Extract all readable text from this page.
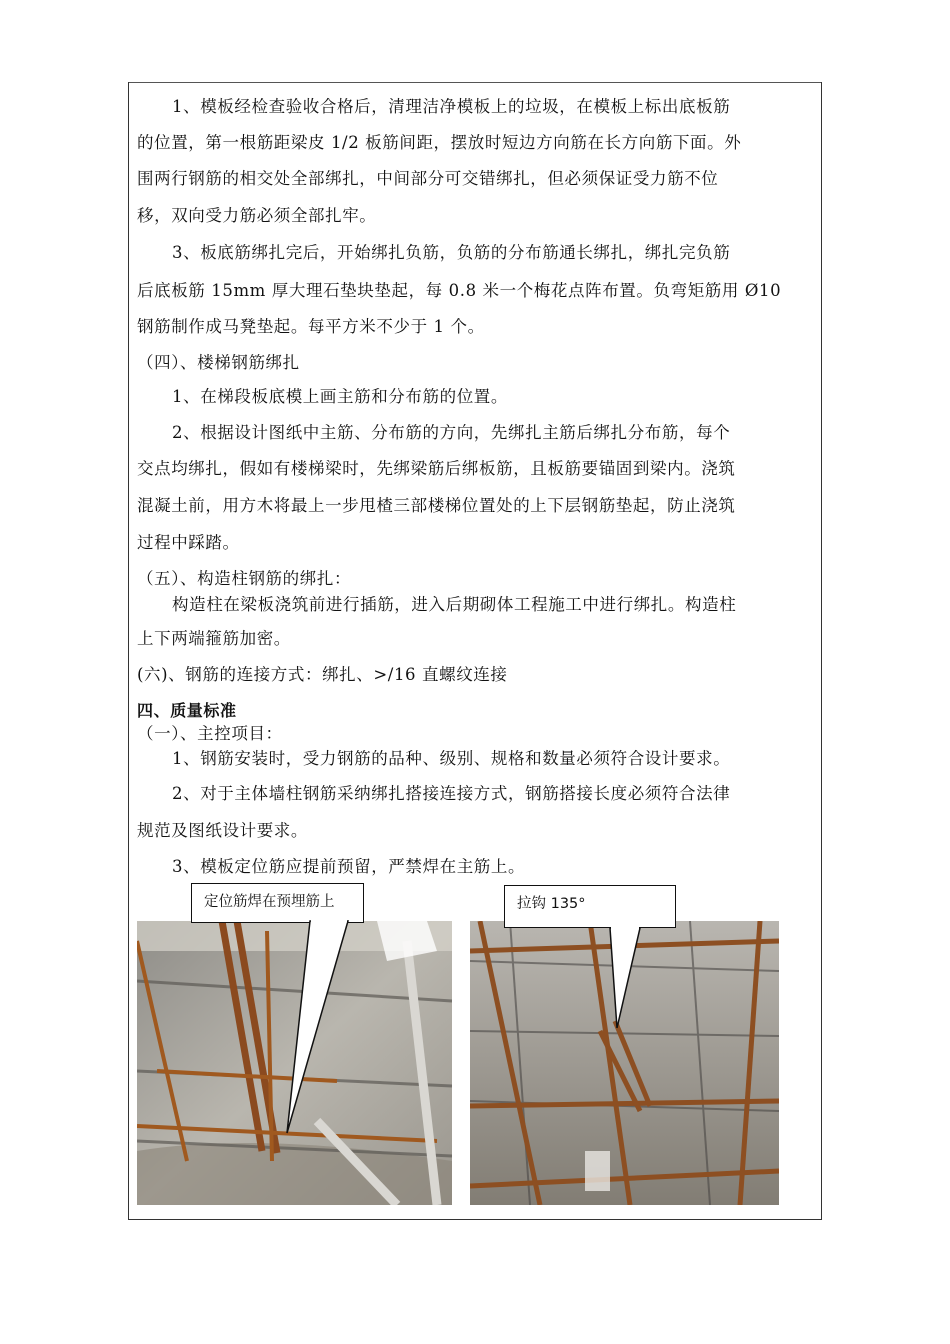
1、模板经检查验收合格后，清理洁净模板上的垃圾，在模板上标出底板筋
的位置，第一根筋距梁皮 1/2 板筋间距，摆放时短边方向筋在长方向筋下面。外
围两行钢筋的相交处全部绑扎，中间部分可交错绑扎，但必须保证受力筋不位
移，双向受力筋必须全部扎牢。
3、板底筋绑扎完后，开始绑扎负筋，负筋的分布筋通长绑扎，绑扎完负筋
后底板筋 15mm 厚大理石垫块垫起，每 0.8 米一个梅花点阵布置。负弯矩筋用 Ø10
钢筋制作成马凳垫起。每平方米不少于 1 个。
（四）、楼梯钢筋绑扎
1、在梯段板底模上画主筋和分布筋的位置。
2、根据设计图纸中主筋、分布筋的方向，先绑扎主筋后绑扎分布筋，每个
交点均绑扎，假如有楼梯梁时，先绑梁筋后绑板筋，且板筋要锚固到梁内。浇筑
混凝土前，用方木将最上一步甩楂三部楼梯位置处的上下层钢筋垫起，防止浇筑
过程中踩踏。
（五）、构造柱钢筋的绑扎：
构造柱在梁板浇筑前进行插筋，进入后期砌体工程施工中进行绑扎。构造柱
上下两端箍筋加密。
(六)、钢筋的连接方式：绑扎、>/16 直螺纹连接
四、质量标准
（一）、主控项目：
1、钢筋安装时，受力钢筋的品种、级别、规格和数量必须符合设计要求。
2、对于主体墙柱钢筋采纳绑扎搭接连接方式，钢筋搭接长度必须符合法律
规范及图纸设计要求。
3、模板定位筋应提前预留，严禁焊在主筋上。
定位筋焊在预埋筋上	拉钩 135°
